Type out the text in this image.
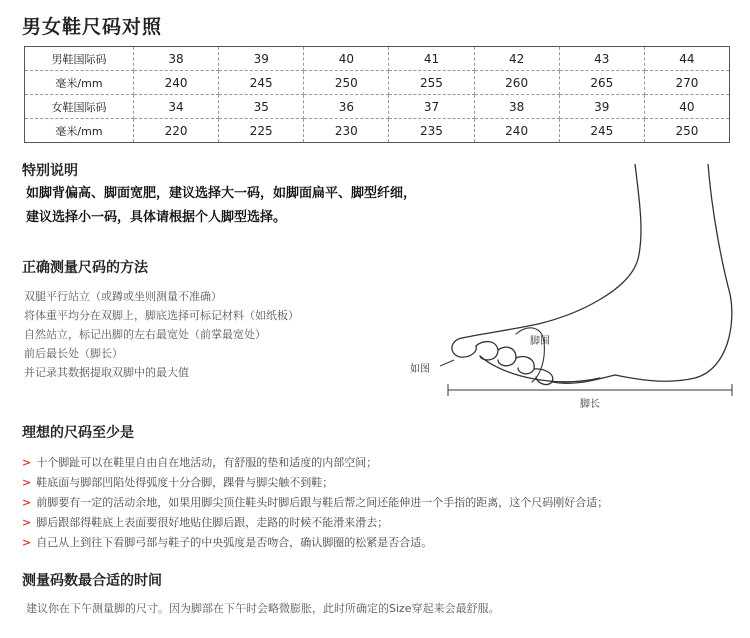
男女鞋尺码对照
男鞋国际码	38	39	40	41	42	43	44
毫米/mm	240	245	250	255	260	265	270
女鞋国际码	34	35	36	37	38	39	40
毫米/mm	220	225	230	235	240	245	250
特别说明
如脚背偏高、脚面宽肥，建议选择大一码，如脚面扁平、脚型纤细，
建议选择小一码，具体请根据个人脚型选择。
正确测量尺码的方法
双腿平行站立（或蹲或坐则测量不准确）
将体重平均分在双脚上，脚底选择可标记材料（如纸板）
自然站立，标记出脚的左右最宽处（前掌最宽处）
前后最长处（脚长）
并记录其数据提取双脚中的最大值
脚围
脚长
如图
理想的尺码至少是
> 十个脚趾可以在鞋里自由自在地活动，有舒服的垫和适度的内部空间；
> 鞋底面与脚部凹陷处得弧度十分合脚，踝骨与脚尖触不到鞋；
> 前脚要有一定的活动余地，如果用脚尖顶住鞋头时脚后跟与鞋后帮之间还能伸进一个手指的距离，这个尺码刚好合适；
> 脚后跟部得鞋底上表面要很好地贴住脚后跟，走路的时候不能滑来滑去；
> 自己从上到往下看脚弓部与鞋子的中央弧度是否吻合，确认脚圈的松紧是否合适。
测量码数最合适的时间
建议你在下午测量脚的尺寸。因为脚部在下午时会略微膨胀，此时所确定的Size穿起来会最舒服。
